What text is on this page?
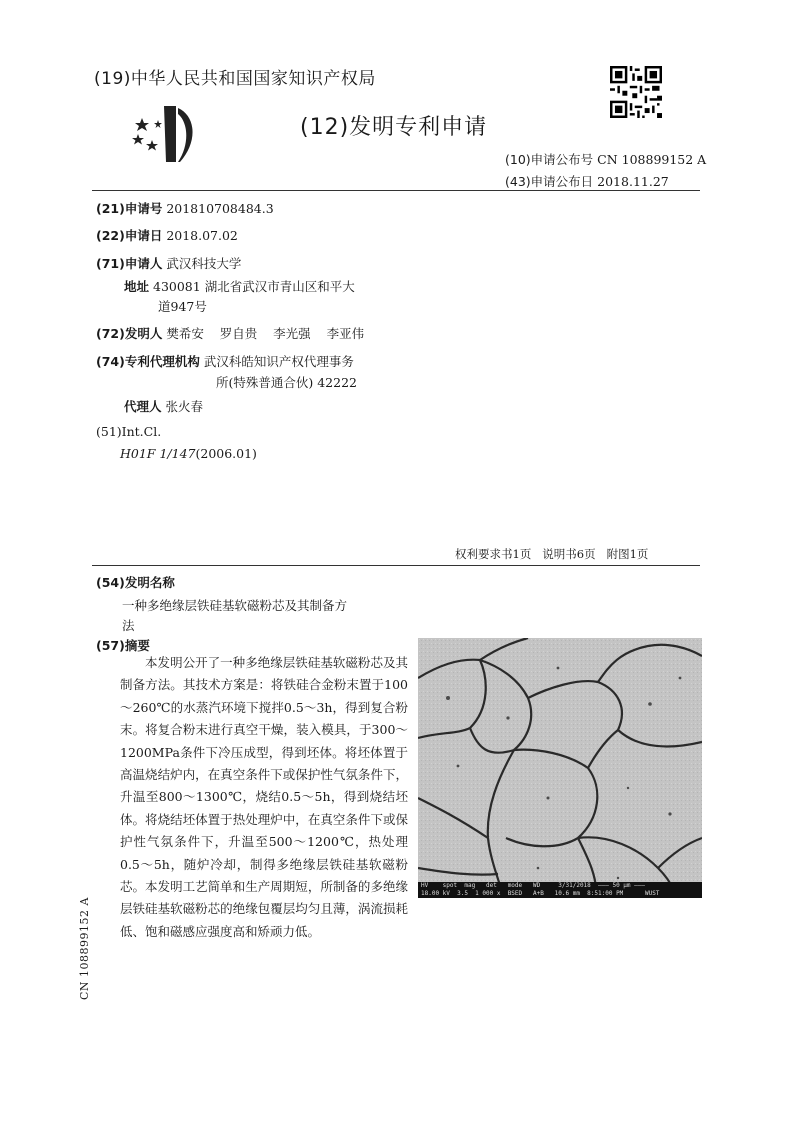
(19)中华人民共和国国家知识产权局
(12)发明专利申请
(10)申请公布号 CN 108899152 A
(43)申请公布日 2018.11.27
(21)申请号 201810708484.3
(22)申请日 2018.07.02
(71)申请人 武汉科技大学
地址 430081 湖北省武汉市青山区和平大
道947号
(72)发明人 樊希安 罗自贵 李光强 李亚伟
(74)专利代理机构 武汉科皓知识产权代理事务
所(特殊普通合伙) 42222
代理人 张火春
(51)Int.Cl.
H01F 1/147(2006.01)
权利要求书1页   说明书6页   附图1页
(54)发明名称
一种多绝缘层铁硅基软磁粉芯及其制备方
法
(57)摘要
本发明公开了一种多绝缘层铁硅基软磁粉芯及其制备方法。其技术方案是：将铁硅合金粉末置于100～260℃的水蒸汽环境下搅拌0.5～3h，得到复合粉末。将复合粉末进行真空干燥，装入模具，于300～1200MPa条件下冷压成型，得到坯体。将坯体置于高温烧结炉内，在真空条件下或保护性气氛条件下，升温至800～1300℃，烧结0.5～5h，得到烧结坯体。将烧结坯体置于热处理炉中，在真空条件下或保护性气氛条件下，升温至500～1200℃，热处理0.5～5h，随炉冷却，制得多绝缘层铁硅基软磁粉芯。本发明工艺简单和生产周期短，所制备的多绝缘层铁硅基软磁粉芯的绝缘包覆层均匀且薄，涡流损耗低、饱和磁感应强度高和矫顽力低。
HV    spot  mag   det   mode   WD     3/31/2018  ——— 50 µm ———
18.00 kV  3.5  1 000 x  BSED   A+B   10.6 mm  8:51:00 PM      WUST
CN 108899152 A
